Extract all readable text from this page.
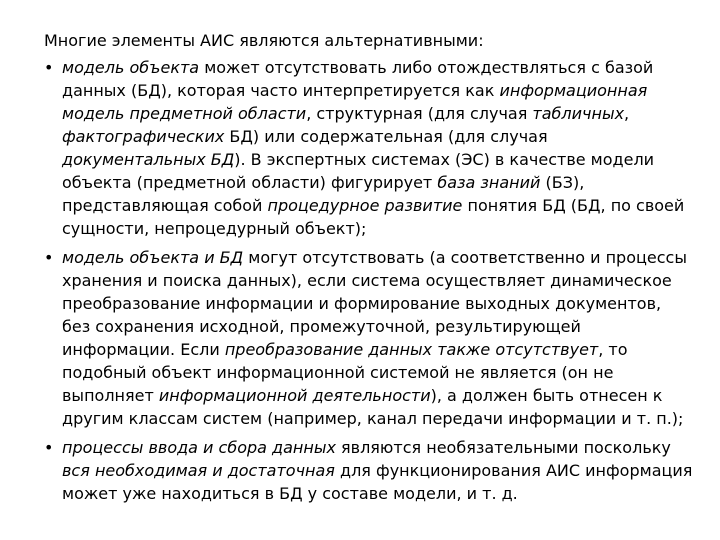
Многие элементы АИС являются альтернативными:

• модель объекта может отсутствовать либо отождествляться с базой данных (БД), которая часто интерпретируется как информационная модель предметной области, структурная (для случая табличных, фактографических БД) или содержательная (для случая документальных БД). В экспертных системах (ЭС) в качестве модели объекта (предметной области) фигурирует база знаний (БЗ), представляющая собой процедурное развитие понятия БД (БД, по своей сущности, непроцедурный объект);
• модель объекта и БД могут отсутствовать (а соответственно и процессы хранения и поиска данных), если система осуществляет динамическое преобразование информации и формирование выходных документов, без сохранения исходной, промежуточной, результирующей информации. Если преобразование данных также отсутствует, то подобный объект информационной системой не является (он не выполняет информационной деятельности), а должен быть отнесен к другим классам систем (например, канал передачи информации и т. п.);
• процессы ввода и сбора данных являются необязательными поскольку вся необходимая и достаточная для функционирования АИС информация может уже находиться в БД у составе модели, и т. д.
